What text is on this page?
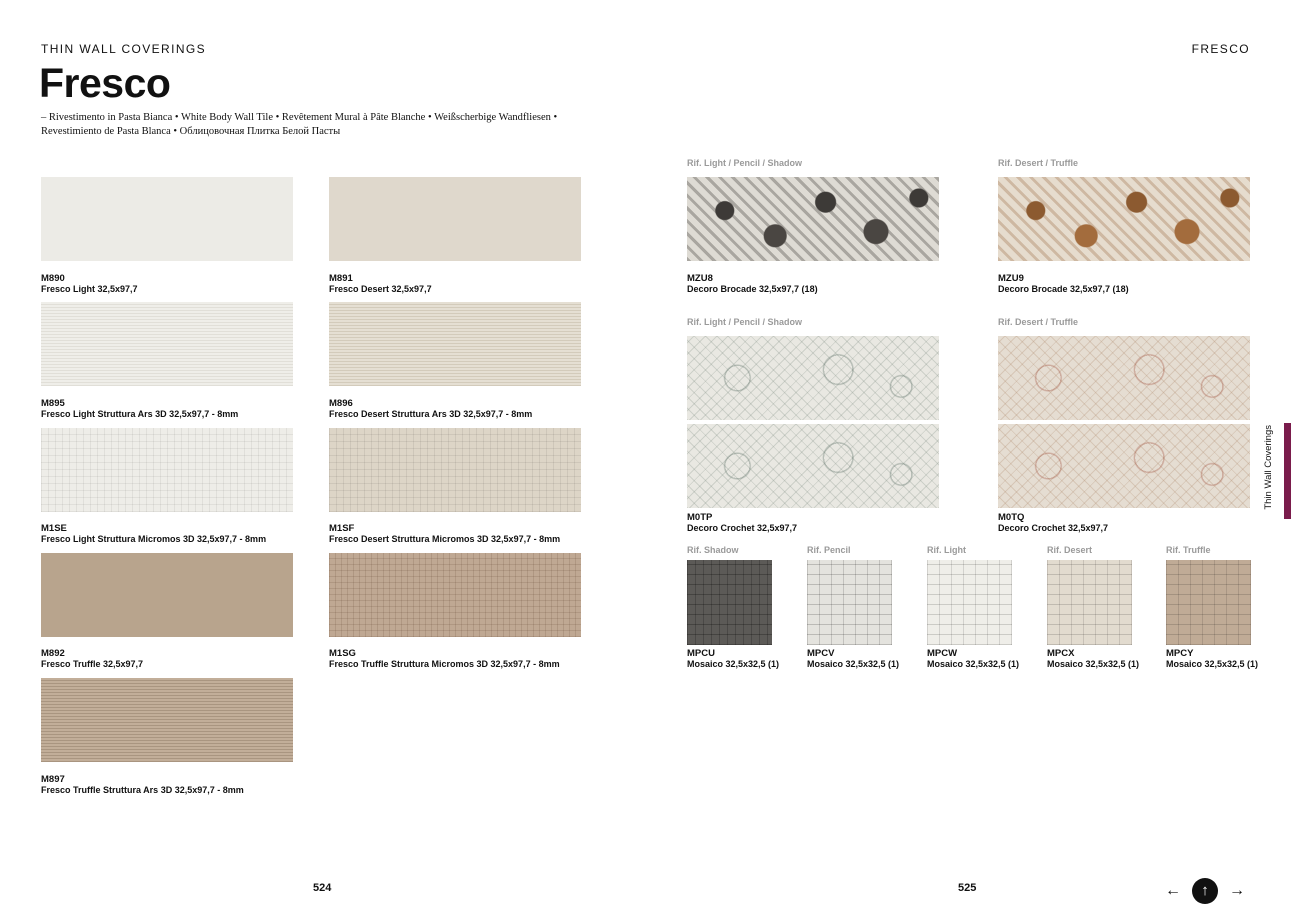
THIN WALL COVERINGS	FRESCO
Fresco
– Rivestimento in Pasta Bianca • White Body Wall Tile • Revêtement Mural à Pâte Blanche • Weißscherbige Wandfliesen •
Revestimiento de Pasta Blanca • Облицовочная Плитка Белой Пасты
M890
Fresco Light 32,5x97,7
M891
Fresco Desert 32,5x97,7
M895
Fresco Light Struttura Ars 3D 32,5x97,7 - 8mm
M896
Fresco Desert Struttura Ars 3D 32,5x97,7 - 8mm
M1SE
Fresco Light Struttura Micromos 3D 32,5x97,7 - 8mm
M1SF
Fresco Desert Struttura Micromos 3D 32,5x97,7 - 8mm
M892
Fresco Truffle 32,5x97,7
M1SG
Fresco Truffle Struttura Micromos 3D 32,5x97,7 - 8mm
M897
Fresco Truffle Struttura Ars 3D 32,5x97,7 - 8mm
Rif. Light / Pencil / Shadow
MZU8
Decoro Brocade 32,5x97,7 (18)
Rif. Desert / Truffle
MZU9
Decoro Brocade 32,5x97,7 (18)
Rif. Light / Pencil / Shadow
M0TP
Decoro Crochet 32,5x97,7
Rif. Desert / Truffle
M0TQ
Decoro Crochet 32,5x97,7
Rif. Shadow
MPCU
Mosaico 32,5x32,5 (1)
Rif. Pencil
MPCV
Mosaico 32,5x32,5 (1)
Rif. Light
MPCW
Mosaico 32,5x32,5 (1)
Rif. Desert
MPCX
Mosaico 32,5x32,5 (1)
Rif. Truffle
MPCY
Mosaico 32,5x32,5 (1)
Thin Wall Coverings
524	525	←	↑	→
